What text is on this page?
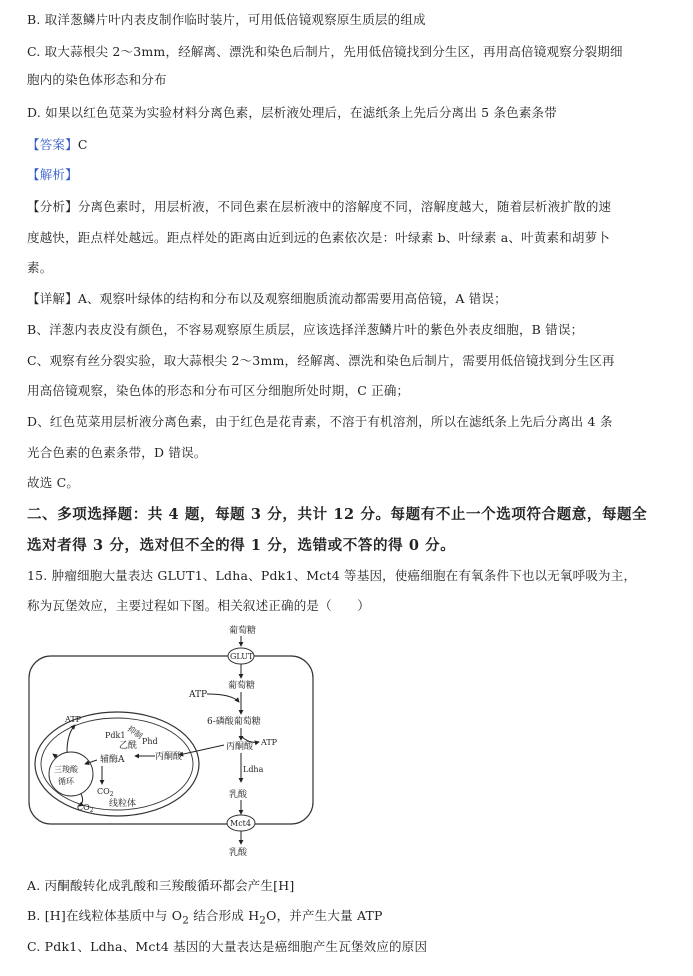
B. 取洋葱鳞片叶内表皮制作临时装片，可用低倍镜观察原生质层的组成
C. 取大蒜根尖 2～3mm，经解离、漂洗和染色后制片，先用低倍镜找到分生区，再用高倍镜观察分裂期细
胞内的染色体形态和分布
D. 如果以红色苋菜为实验材料分离色素，层析液处理后，在滤纸条上先后分离出 5 条色素条带
【答案】C
【解析】
【分析】分离色素时，用层析液，不同色素在层析液中的溶解度不同，溶解度越大，随着层析液扩散的速
度越快，距点样处越远。距点样处的距离由近到远的色素依次是：叶绿素 b、叶绿素 a、叶黄素和胡萝卜
素。
【详解】A、观察叶绿体的结构和分布以及观察细胞质流动都需要用高倍镜，A 错误；
B、洋葱内表皮没有颜色，不容易观察原生质层，应该选择洋葱鳞片叶的紫色外表皮细胞，B 错误；
C、观察有丝分裂实验，取大蒜根尖 2～3mm，经解离、漂洗和染色后制片，需要用低倍镜找到分生区再
用高倍镜观察，染色体的形态和分布可区分细胞所处时期，C 正确；
D、红色苋菜用层析液分离色素，由于红色是花青素，不溶于有机溶剂，所以在滤纸条上先后分离出 4 条
光合色素的色素条带，D 错误。
故选 C。
二、多项选择题：共 4 题，每题 3 分，共计 12 分。每题有不止一个选项符合题意，每题全
选对者得 3 分，选对但不全的得 1 分，选错或不答的得 0 分。
15. 肿瘤细胞大量表达 GLUT1、Ldha、Pdk1、Mct4 等基因，使癌细胞在有氧条件下也以无氧呼吸为主，
称为瓦堡效应，主要过程如下图。相关叙述正确的是（　　）
葡萄糖
GLUT
葡萄糖
ATP
6-磷酸葡萄糖
丙酮酸 ATP
Ldha
乳酸
Mct4
乳酸
丙酮酸
Phd
Pdk1 抑制
乙酰
辅酶A
三羧酸
循环
ATP
$CO_2$
$CO_2$
线粒体
A. 丙酮酸转化成乳酸和三羧酸循环都会产生[H]
B. [H]在线粒体基质中与 $O_2$ 结合形成 $H_2O$，并产生大量 ATP
C. Pdk1、Ldha、Mct4 基因的大量表达是癌细胞产生瓦堡效应的原因
